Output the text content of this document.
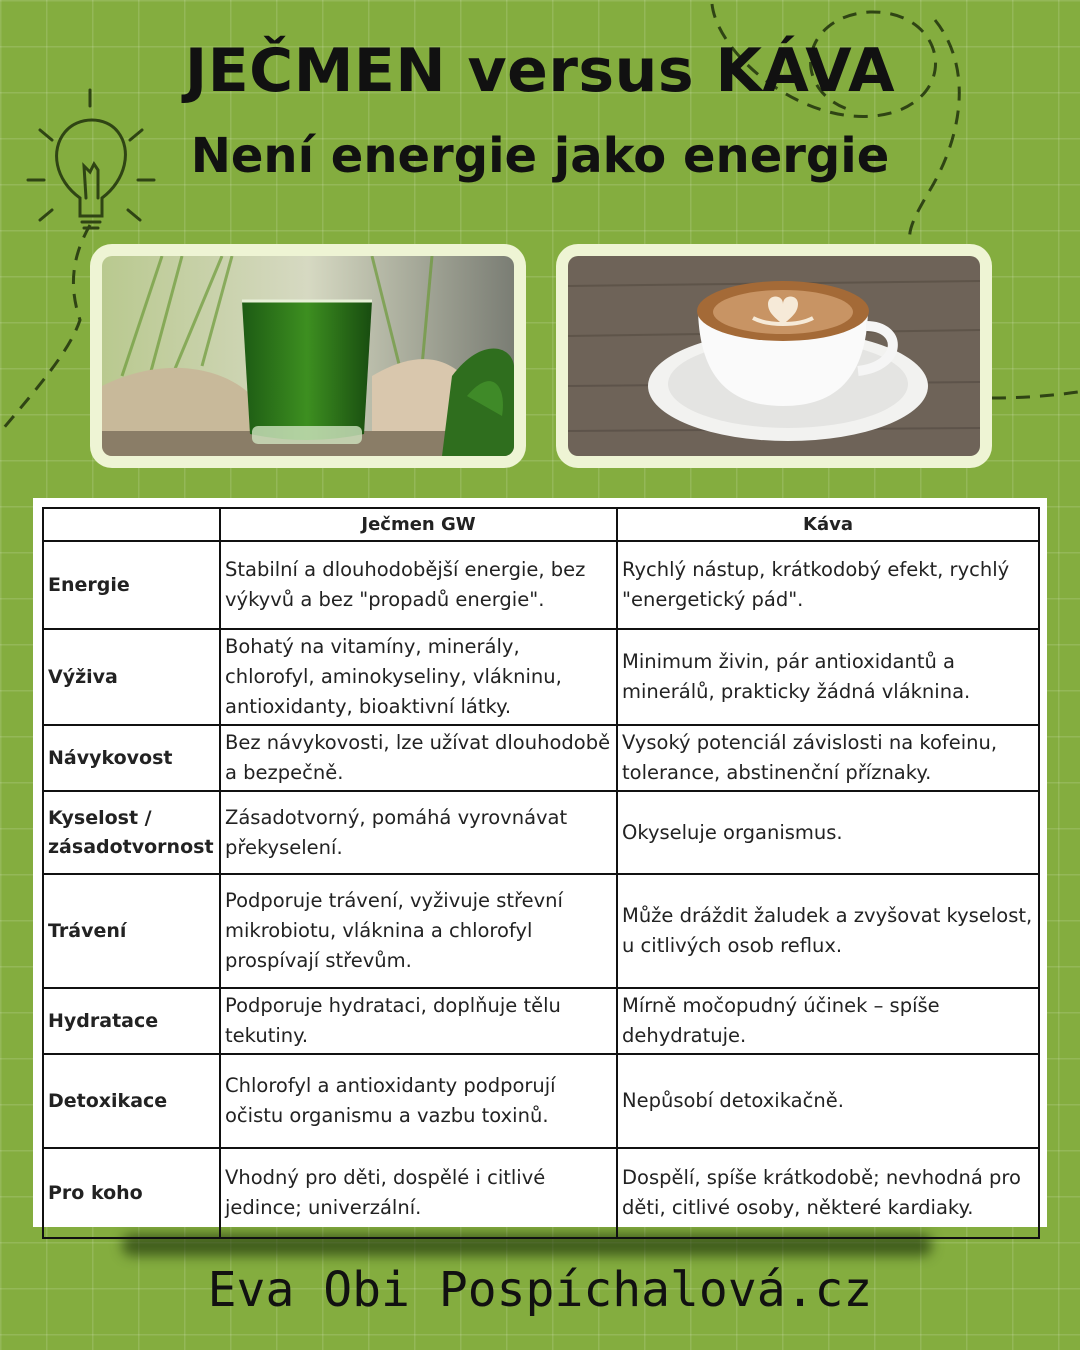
JEČMEN versus KÁVA
Není energie jako energie
	Ječmen GW	Káva
Energie	Stabilní a dlouhodobější energie, bez výkyvů a bez "propadů energie".	Rychlý nástup, krátkodobý efekt, rychlý "energetický pád".
Výživa	Bohatý na vitamíny, minerály, chlorofyl, aminokyseliny, vlákninu, antioxidanty, bioaktivní látky.	Minimum živin, pár antioxidantů a minerálů, prakticky žádná vláknina.
Návykovost	Bez návykovosti, lze užívat dlouhodobě a bezpečně.	Vysoký potenciál závislosti na kofeinu, tolerance, abstinenční příznaky.
Kyselost / zásadotvornost	Zásadotvorný, pomáhá vyrovnávat překyselení.	Okyseluje organismus.
Trávení	Podporuje trávení, vyživuje střevní mikrobiotu, vláknina a chlorofyl prospívají střevům.	Může dráždit žaludek a zvyšovat kyselost, u citlivých osob reflux.
Hydratace	Podporuje hydrataci, doplňuje tělu tekutiny.	Mírně močopudný účinek – spíše dehydratuje.
Detoxikace	Chlorofyl a antioxidanty podporují očistu organismu a vazbu toxinů.	Nepůsobí detoxikačně.
Pro koho	Vhodný pro děti, dospělé i citlivé jedince; univerzální.	Dospělí, spíše krátkodobě; nevhodná pro děti, citlivé osoby, některé kardiaky.
Eva Obi Pospíchalová.cz
